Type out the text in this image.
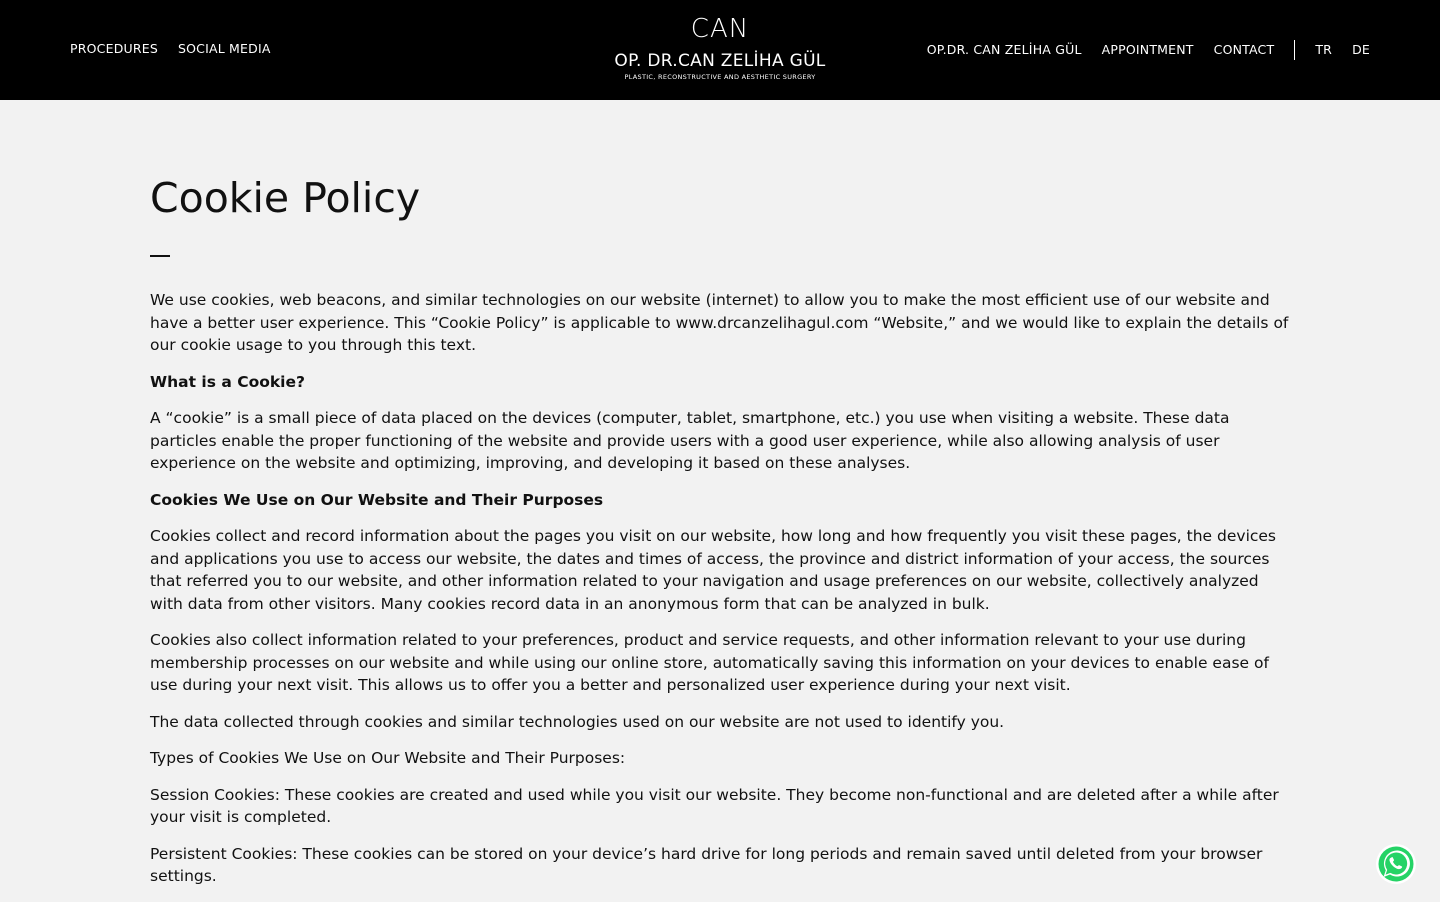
PROCEDURES SOCIAL MEDIA
CAN
OP. DR.CAN ZELİHA GÜL
PLASTIC, RECONSTRUCTIVE AND AESTHETIC SURGERY
OP.DR. CAN ZELİHA GÜL APPOINTMENT CONTACT	TR DE
Cookie Policy

We use cookies, web beacons, and similar technologies on our website (internet) to allow you to make the most efficient use of our website and have a better user experience. This “Cookie Policy” is applicable to www.drcanzelihagul.com “Website,” and we would like to explain the details of our cookie usage to you through this text.

What is a Cookie?

A “cookie” is a small piece of data placed on the devices (computer, tablet, smartphone, etc.) you use when visiting a website. These data particles enable the proper functioning of the website and provide users with a good user experience, while also allowing analysis of user experience on the website and optimizing, improving, and developing it based on these analyses.

Cookies We Use on Our Website and Their Purposes

Cookies collect and record information about the pages you visit on our website, how long and how frequently you visit these pages, the devices and applications you use to access our website, the dates and times of access, the province and district information of your access, the sources that referred you to our website, and other information related to your navigation and usage preferences on our website, collectively analyzed with data from other visitors. Many cookies record data in an anonymous form that can be analyzed in bulk.

Cookies also collect information related to your preferences, product and service requests, and other information relevant to your use during membership processes on our website and while using our online store, automatically saving this information on your devices to enable ease of use during your next visit. This allows us to offer you a better and personalized user experience during your next visit.

The data collected through cookies and similar technologies used on our website are not used to identify you.

Types of Cookies We Use on Our Website and Their Purposes:

Session Cookies: These cookies are created and used while you visit our website. They become non-functional and are deleted after a while after your visit is completed.

Persistent Cookies: These cookies can be stored on your device’s hard drive for long periods and remain saved until deleted from your browser settings.
